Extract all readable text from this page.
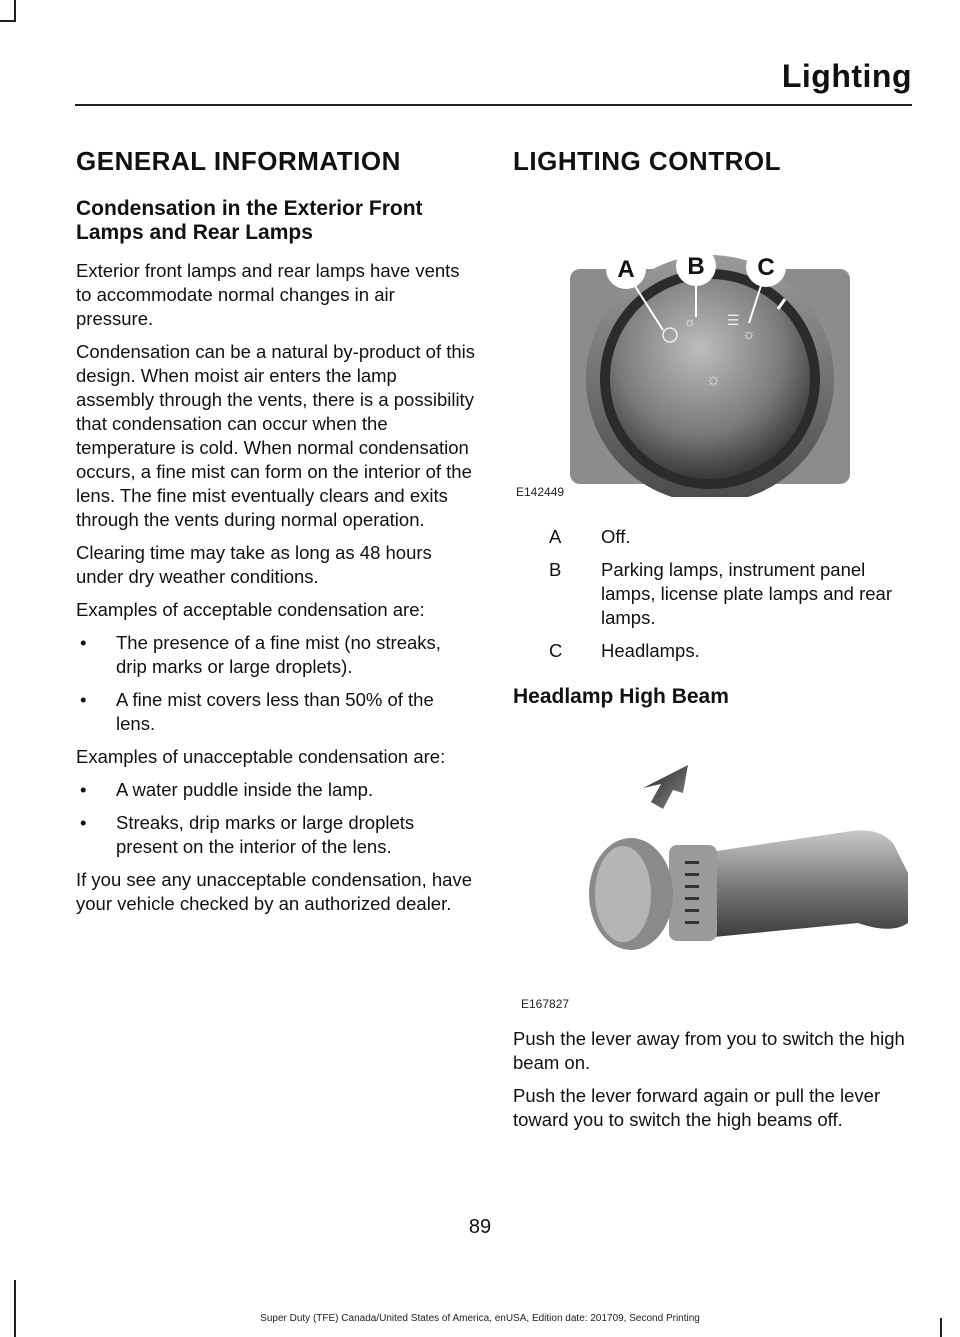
Lighting
GENERAL INFORMATION
Condensation in the Exterior Front Lamps and Rear Lamps

Exterior front lamps and rear lamps have vents to accommodate normal changes in air pressure.

Condensation can be a natural by-product of this design. When moist air enters the lamp assembly through the vents, there is a possibility that condensation can occur when the temperature is cold. When normal condensation occurs, a fine mist can form on the interior of the lens. The fine mist eventually clears and exits through the vents during normal operation.

Clearing time may take as long as 48 hours under dry weather conditions.

Examples of acceptable condensation are:

• The presence of a fine mist (no streaks, drip marks or large droplets).
• A fine mist covers less than 50% of the lens.

Examples of unacceptable condensation are:

• A water puddle inside the lamp.
• Streaks, drip marks or large droplets present on the interior of the lens.

If you see any unacceptable condensation, have your vehicle checked by an authorized dealer.

LIGHTING CONTROL
☼ ☰
☼
☼
A B C
E142449
A	Off.
B	Parking lamps, instrument panel lamps, license plate lamps and rear lamps.
C	Headlamps.
Headlamp High Beam
E167827

Push the lever away from you to switch the high beam on.

Push the lever forward again or pull the lever toward you to switch the high beams off.

89
Super Duty (TFE) Canada/United States of America, enUSA, Edition date: 201709, Second Printing
